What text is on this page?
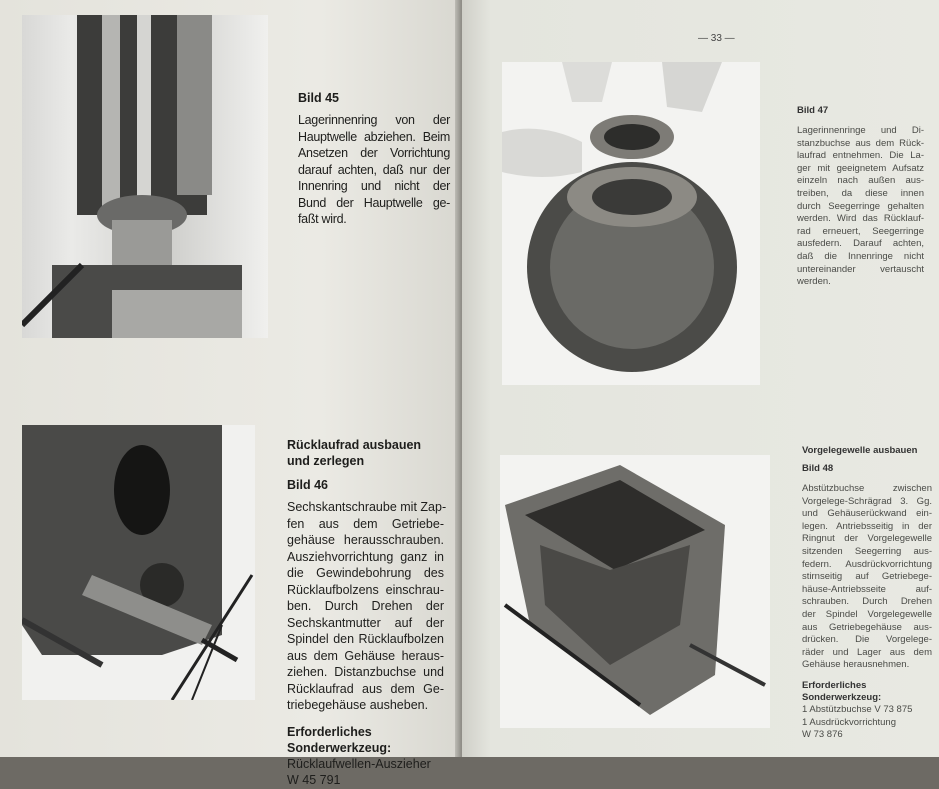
Bild 45
Lagerinnenring von der
Hauptwelle abziehen. Beim
Ansetzen der Vorrichtung
darauf achten, daß nur der
Innenring und nicht der
Bund der Hauptwelle ge-
faßt wird.
Rücklaufrad ausbauen
und zerlegen
Bild 46
Sechskantschraube mit Zap-
fen aus dem Getriebe-
gehäuse herausschrauben.
Ausziehvorrichtung ganz in
die Gewindebohrung des
Rücklaufbolzens einschrau-
ben. Durch Drehen der
Sechskantmutter auf der
Spindel den Rücklaufbolzen
aus dem Gehäuse heraus-
ziehen. Distanzbuchse und
Rücklaufrad aus dem Ge-
triebegehäuse ausheben.
Erforderliches
Sonderwerkzeug:
Rücklaufwellen-Auszieher
W 45 791
— 33 —
Bild 47
Lagerinnenringe und Di-
stanzbuchse aus dem Rück-
laufrad entnehmen. Die La-
ger mit geeignetem Aufsatz
einzeln nach außen aus-
treiben, da diese innen
durch Seegerringe gehalten
werden. Wird das Rücklauf-
rad erneuert, Seegerringe
ausfedern. Darauf achten,
daß die Innenringe nicht
untereinander vertauscht
werden.
Vorgelegewelle ausbauen
Bild 48
Abstützbuchse zwischen
Vorgelege-Schrägrad 3. Gg.
und Gehäuserückwand ein-
legen. Antriebsseitig in der
Ringnut der Vorgelegewelle
sitzenden Seegerring aus-
federn. Ausdrückvorrichtung
stirnseitig auf Getriebege-
häuse-Antriebsseite auf-
schrauben. Durch Drehen
der Spindel Vorgelegewelle
aus Getriebegehäuse aus-
drücken. Die Vorgelege-
räder und Lager aus dem
Gehäuse herausnehmen.
Erforderliches
Sonderwerkzeug:
1 Abstützbuchse V 73 875
1 Ausdrückvorrichtung
W 73 876
